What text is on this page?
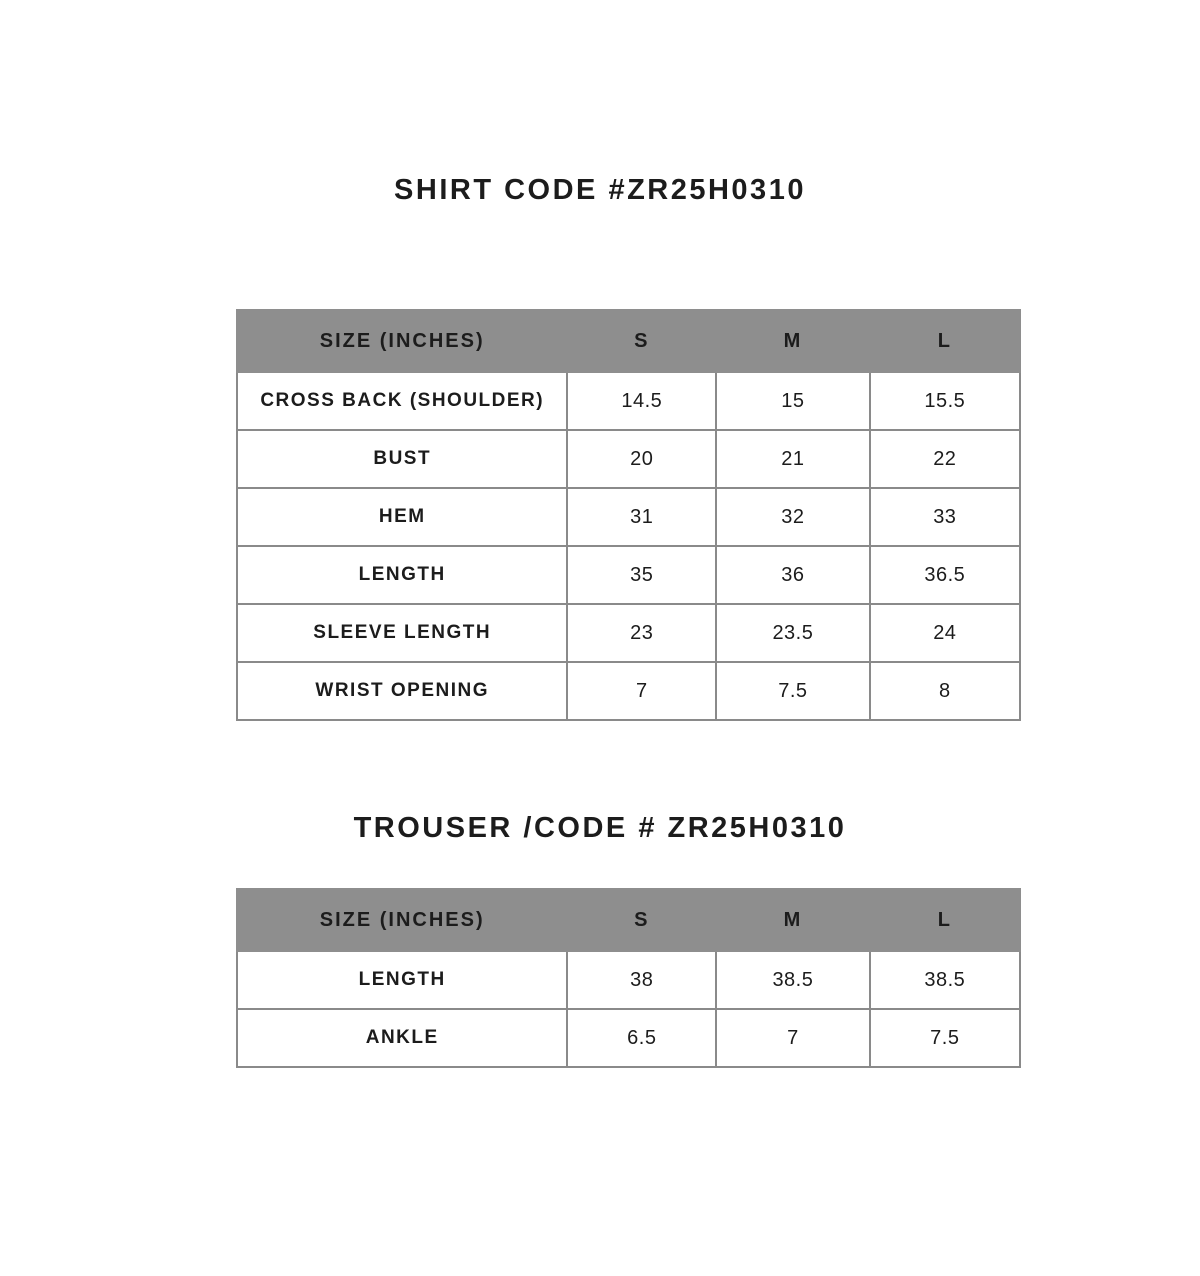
SHIRT CODE #ZR25H0310
SIZE (INCHES)	S	M	L
CROSS BACK (SHOULDER)	14.5	15	15.5
BUST	20	21	22
HEM	31	32	33
LENGTH	35	36	36.5
SLEEVE LENGTH	23	23.5	24
WRIST OPENING	7	7.5	8
TROUSER /CODE # ZR25H0310
SIZE (INCHES)	S	M	L
LENGTH	38	38.5	38.5
ANKLE	6.5	7	7.5
